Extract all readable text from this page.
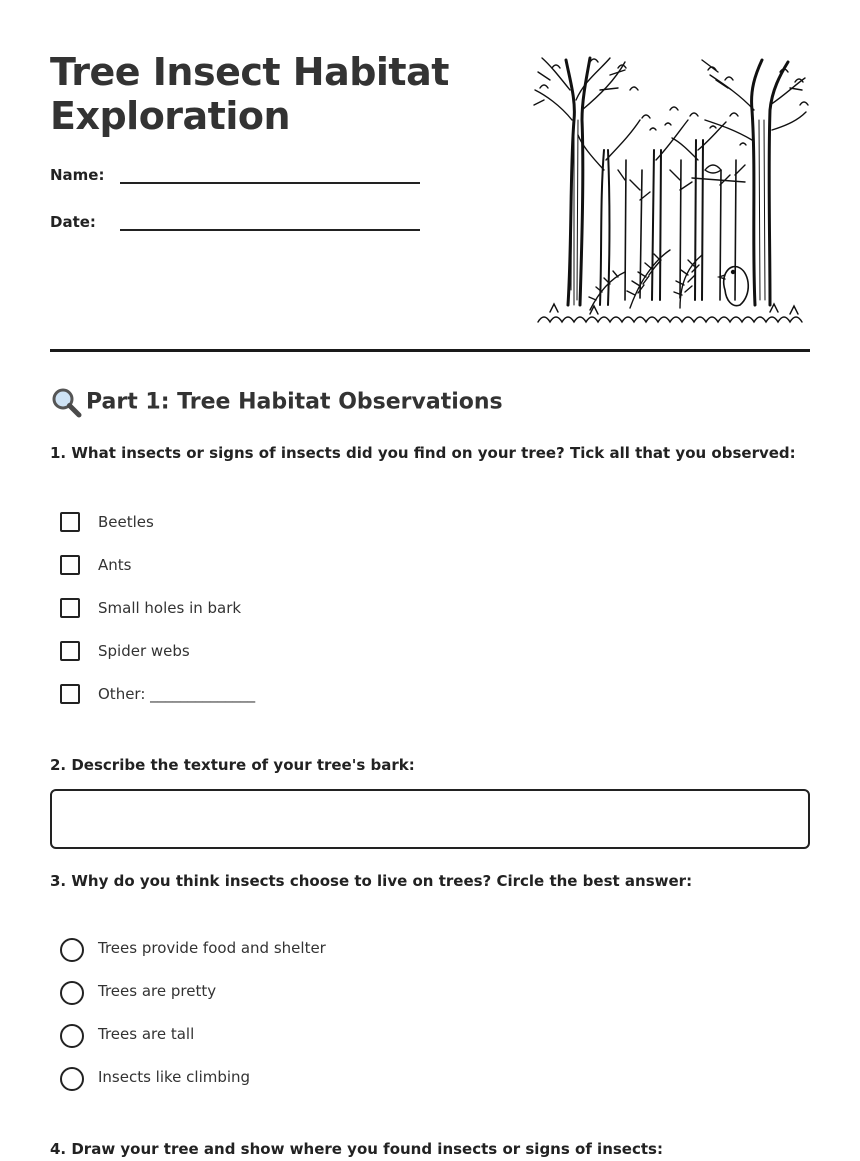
Tree Insect Habitat Exploration
Name:
Date:
Part 1: Tree Habitat Observations
1. What insects or signs of insects did you find on your tree? Tick all that you observed:
Beetles
Ants
Small holes in bark
Spider webs
Other: ______________
2. Describe the texture of your tree's bark:
3. Why do you think insects choose to live on trees? Circle the best answer:
Trees provide food and shelter
Trees are pretty
Trees are tall
Insects like climbing
4. Draw your tree and show where you found insects or signs of insects:
